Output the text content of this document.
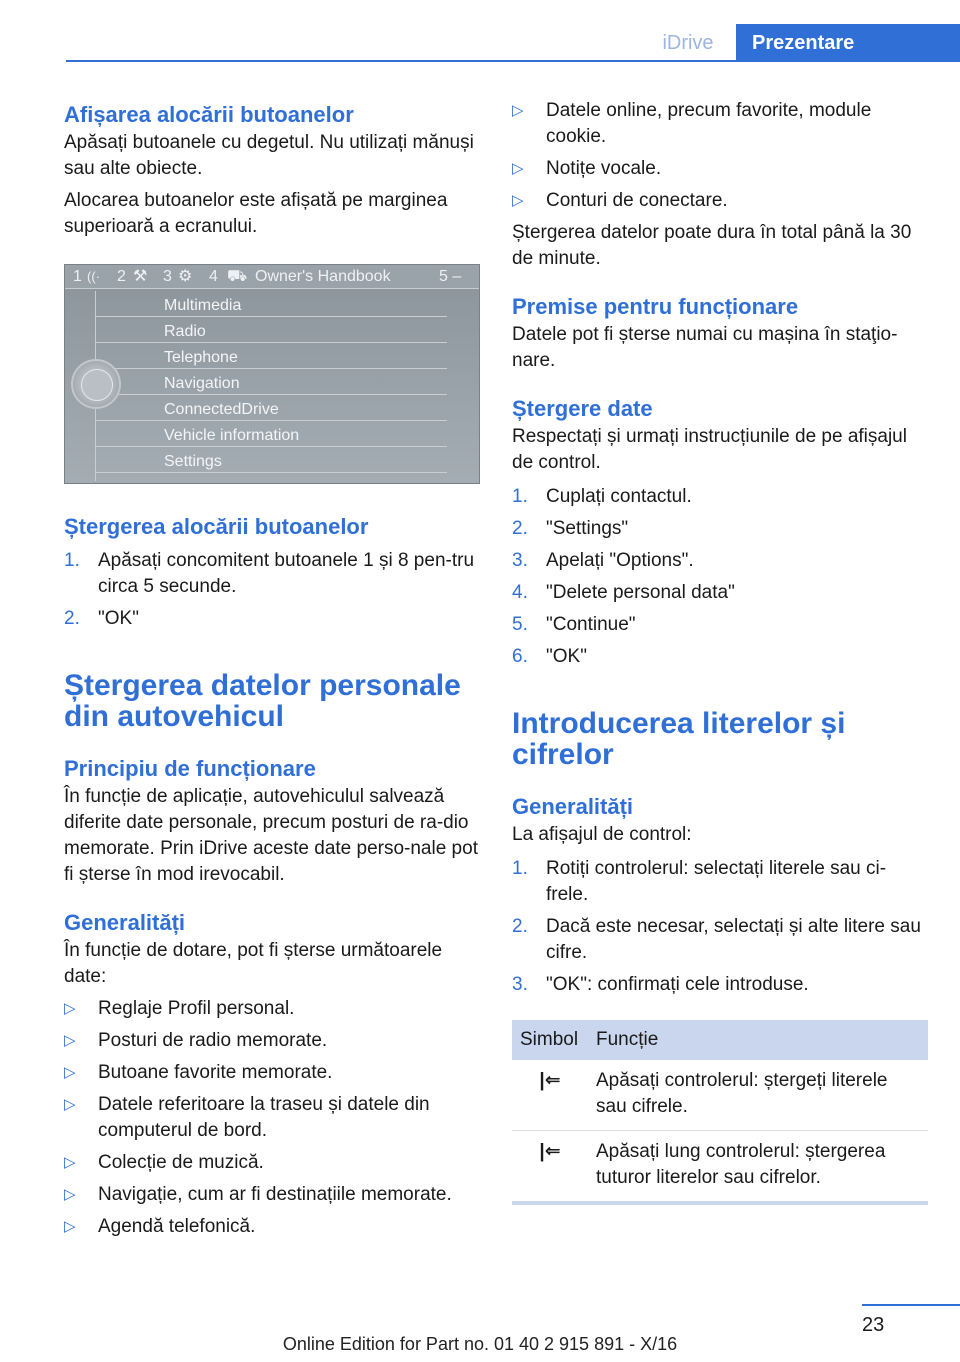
iDrive	Prezentare
Afișarea alocării butoanelor

Apăsați butoanele cu degetul. Nu utilizați mănuși sau alte obiecte.

Alocarea butoanelor este afișată pe marginea superioară a ecranului.

1 ((· 2 ⚒ 3 ⚙ 4 ⛟ Owner's Handbook	5 –
Multimedia
Radio
Telephone
Navigation
ConnectedDrive
Vehicle information
Settings
Ștergerea alocării butoanelor
1. Apăsați concomitent butoanele 1 și 8 pen‐tru circa 5 secunde.
2. "OK"
Ștergerea datelor personale din autovehicul
Principiu de funcționare

În funcție de aplicație, autovehiculul salvează diferite date personale, precum posturi de ra‐dio memorate. Prin iDrive aceste date perso‐nale pot fi șterse în mod irevocabil.

Generalități

În funcție de dotare, pot fi șterse următoarele date:

▷ Reglaje Profil personal.
▷ Posturi de radio memorate.
▷ Butoane favorite memorate.
▷ Datele referitoare la traseu și datele din computerul de bord.
▷ Colecție de muzică.
▷ Navigație, cum ar fi destinațiile memorate.
▷ Agendă telefonică.
▷ Datele online, precum favorite, module cookie.
▷ Notițe vocale.
▷ Conturi de conectare.

Ștergerea datelor poate dura în total până la 30 de minute.

Premise pentru funcționare

Datele pot fi șterse numai cu mașina în staţio‐nare.

Ștergere date

Respectați și urmați instrucțiunile de pe afișajul de control.

1. Cuplați contactul.
2. "Settings"
3. Apelați "Options".
4. "Delete personal data"
5. "Continue"
6. "OK"
Introducerea literelor și cifrelor
Generalități

La afișajul de control:

1. Rotiți controlerul: selectați literele sau ci‐frele.
2. Dacă este necesar, selectați și alte litere sau cifre.
3. "OK": confirmați cele introduse.
Simbol	Funcție
|⇐	Apăsați controlerul: ștergeți literele sau cifrele.
|⇐	Apăsați lung controlerul: ștergerea tuturor literelor sau cifrelor.
23
Online Edition for Part no. 01 40 2 915 891 - X/16
